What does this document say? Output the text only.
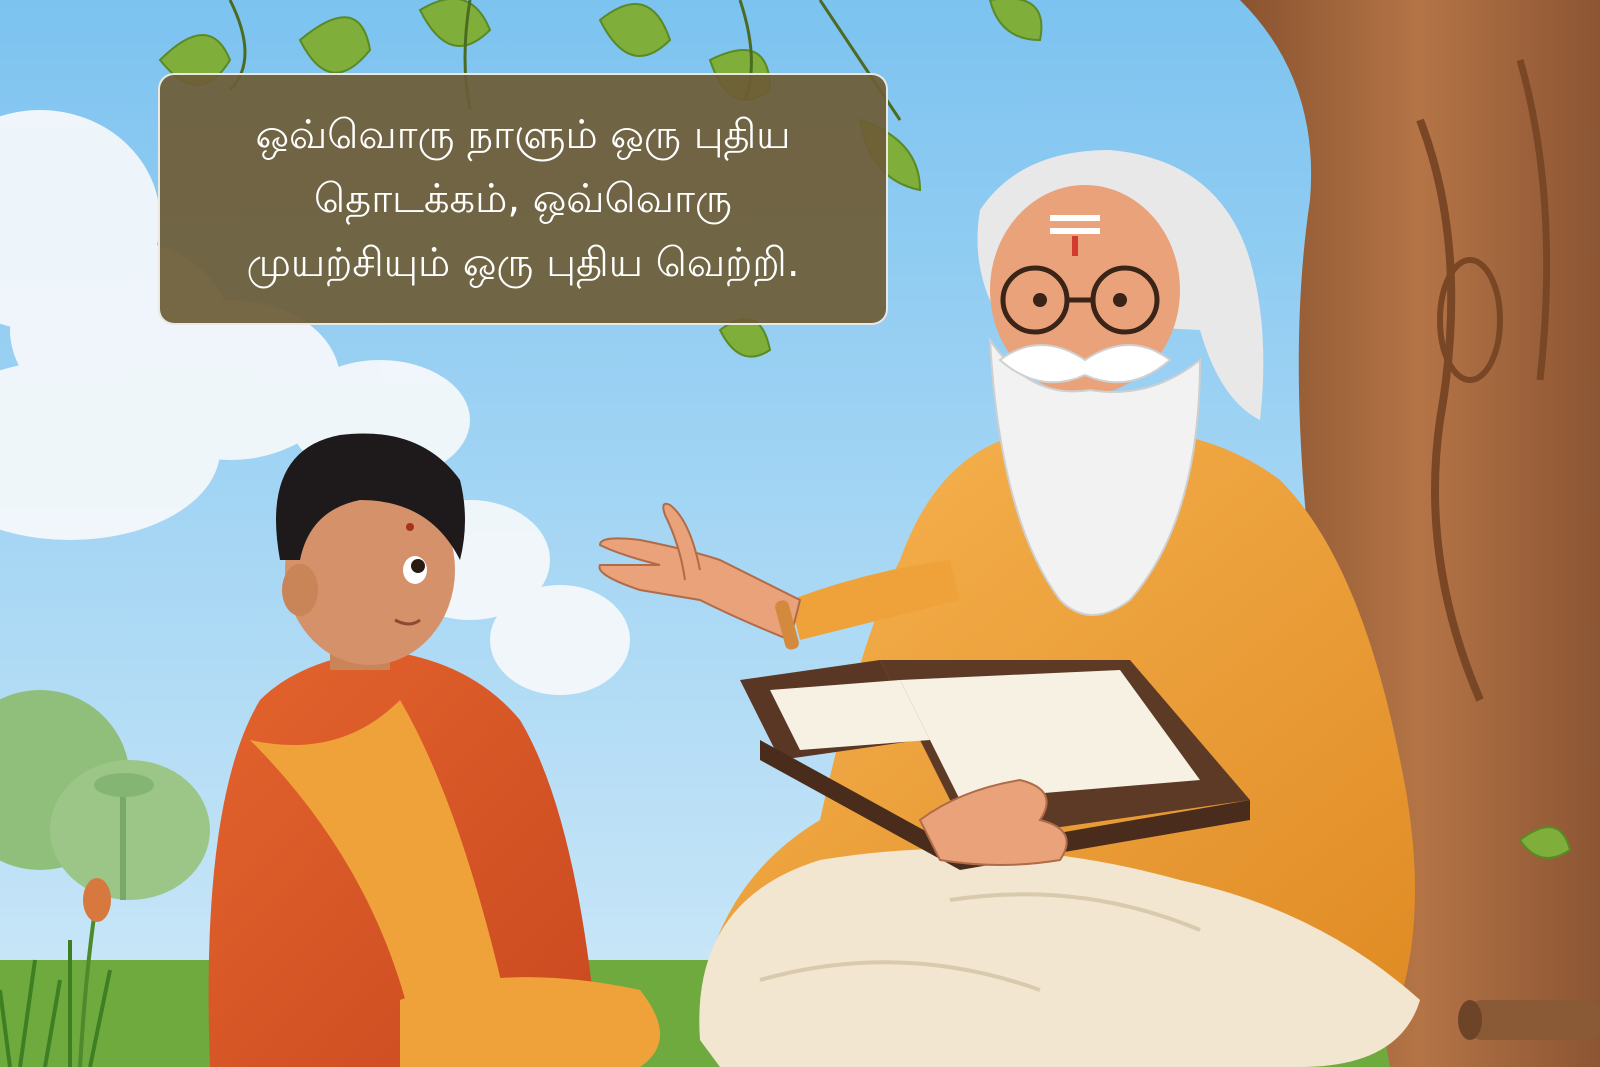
ஒவ்வொரு நாளும் ஒரு புதிய
தொடக்கம், ஒவ்வொரு
முயற்சியும் ஒரு புதிய வெற்றி.
